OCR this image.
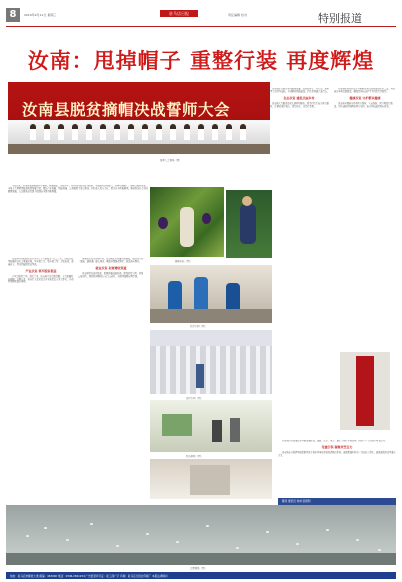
8	2019年9月11日 星期三	驻马店日报	责任编辑 校对	特别报道
汝南：甩掉帽子 重整行装 再度辉煌
汝南县脱贫摘帽决战誓师大会
誓师大会现场（图）

入夏以来，汝南县委县政府科学谋划，精准施策，真抓实干，持续巩固脱贫攻坚成果，全面推进乡村振兴，甩掉贫困帽子，重整行装再出发。全县上下紧紧围绕高质量发展主题，聚焦产业发展、基础设施、公共服务等重点领域，持续加大投入力度，着力补齐短板弱项，推动经济社会持续健康发展，人民群众获得感幸福感安全感不断增强。

葡萄丰收（图）
扶贫车间（图）
纺织车间（图）
特色种植（图）

汝南县坚持把脱贫攻坚作为头等大事和第一民生工程，以脱贫攻坚统揽经济社会发展全局，举全县之力，集全县之智，尽锐出战，迎难而上，坚决打赢脱贫攻坚战。

产业扶贫 筑牢脱贫根基

产业是脱贫之基、富民之本。汝南县立足资源禀赋，大力发展特色种植、养殖产业，培育壮大农业龙头企业和农民专业合作社，带动贫困群众稳定增收。

围绕脱贫攻坚目标任务，汝南县扎实开展问题整改，聚焦两不愁三保障，逐村逐户逐人排查，确保问题整改到位、政策落实到位。

就业扶贫 拓宽增收渠道

汝南县坚持就业优先，积极开展技能培训，建设扶贫车间，开发公益岗位，帮助贫困群众在家门口就业，实现挣钱顾家两不误。

汝南县深入推进全域旅游发展，以南海禅寺、天中山、梁祝故里等景区为依托，带动群众增收致富，打造乡村振兴新亮点。

生态扶贫 建设美丽乡村

汝南县大力推进农村人居环境整治，着力打造生态宜居美丽乡村，让群众望得见山、看得见水、记得住乡愁。

汝南县把教育扶贫作为阻断贫困代际传递的治本之策，全面落实各项资助政策，确保贫困家庭学生不因贫失学辍学。

健康扶贫 守护群众健康

汝南县全面落实基本医疗保险、大病保险、医疗救助等政策，切实减轻贫困群众医疗负担，防止因病致贫因病返贫。

汝南县持续加强农村基础设施建设，道路、饮水、电力、通信等条件全面改善，群众生产生活条件明显提升。

党建引领 凝聚攻坚合力

汝南县充分发挥基层党组织战斗堡垒作用和党员先锋模范作用，选优配强驻村第一书记和工作队，凝聚起脱贫攻坚强大合力。

魏涛 通讯员 刘帅 张顺利
白鹭翔集（图）
地址：驻马店市解放大道 邮编：463000 电话：0396-2821234 广告经营许可证：驻工商广字 印刷：驻马店日报社印刷厂 本报法律顾问
